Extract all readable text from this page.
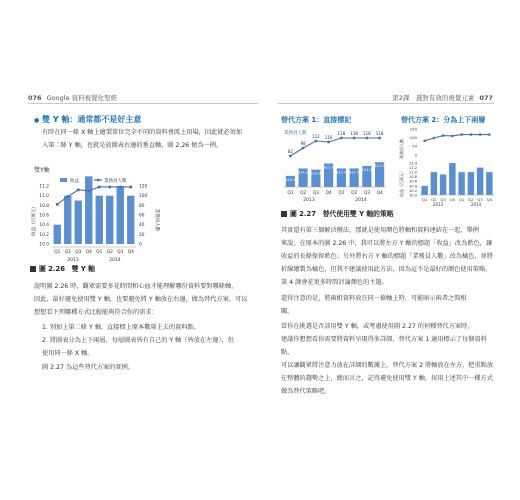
076 Google 資料視覺化聖經	第2課　選對有效的視覺元素 077
● 雙 Y 軸：通常都不是好主意

有時在同一條 X 軸上繪製單位完全不同的資料會派上用場，因此就必須加

入第二條 Y 軸，也就是放圖表右邊的垂直軸，圖 2.26 便為一例。

雙Y軸
收益	業務員人數
11.2
11.0
10.8
10.6
10.4
10.2
10.0
120
100
80
60
40
20
0
收益（百萬元）	業務員人數
Q1 Q2 Q3 Q4 Q1 Q2 Q3 Q4
2013	2014
圖 2.26　 雙 Y 軸

說明圖 2.26 時，觀眾需要多花時間和心血才能理解哪份資料要對哪條軸，

因此，最好避免使用雙 Y 軸，也要避免將 Y 軸放在右邊，做為替代方案，可以

想想看下列哪種方式比較能夠符合你的需求：

1. 別加上第二條 Y 軸，直接標上原本數量上去的資料點。

2. 將圖表分為上下兩層，每層圖表皆有自己的 Y 軸（皆放在左邊），但

使用同一條 X 軸。

圖 2.27 為這些替代方案的實例。
替代方案 1：直接標記	替代方案 2：分為上下兩層
業務員人數
82
98
112 110
118 118 118 118
$10.4
$11.0 $10.9
$11.4
$11.0 $11.0
$11.2
$11.5
Q1 Q2 Q3 Q4 Q1 Q2 Q3 Q4
2013	2014
業務員人數
收益（百萬元）
150
100
50
0
11.4
11.2
11.0
10.8
10.6
10.4
10.2
10.0
Q1 Q2 Q3 Q4 Q1 Q2 Q3 Q4
2013	2014
圖 2.27　 替代使用雙 Y 軸的策略

其實還有第三個解決辦法，那就是使用顏色將軸和資料連結在一起，舉例

來說，在原本的圖 2.26 中，我可以將左方 Y 軸的標題「收益」改為藍色，讓

收益的長條保留藍色；另外將右方 Y 軸的標題「業務員人數」改為橘色，並將

折線繪製為橘色，但我不建議使用此方法，因為這不是最好的顏色使用策略，

第 4 課會花更多時間討論顏色的主題。

還得注意的是，將兩組資料放在同一條軸上時，可能暗示兩者之間相

關。

當你在挑選是否該用雙 Y 軸，或考慮使用圖 2.27 的何種替代方案時，

建議你想想看你需要將資料呈現得多詳細，替代方案 1 適用標示了每個資料點，

可以讓觀眾將注意力放在詳細的數據上，替代方案 2 將軸放在左方，把重點放

在整體的趨勢之上，總而言之，記得避免使用雙 Y 軸，採用上述其中一種方式

做為替代策略吧。
